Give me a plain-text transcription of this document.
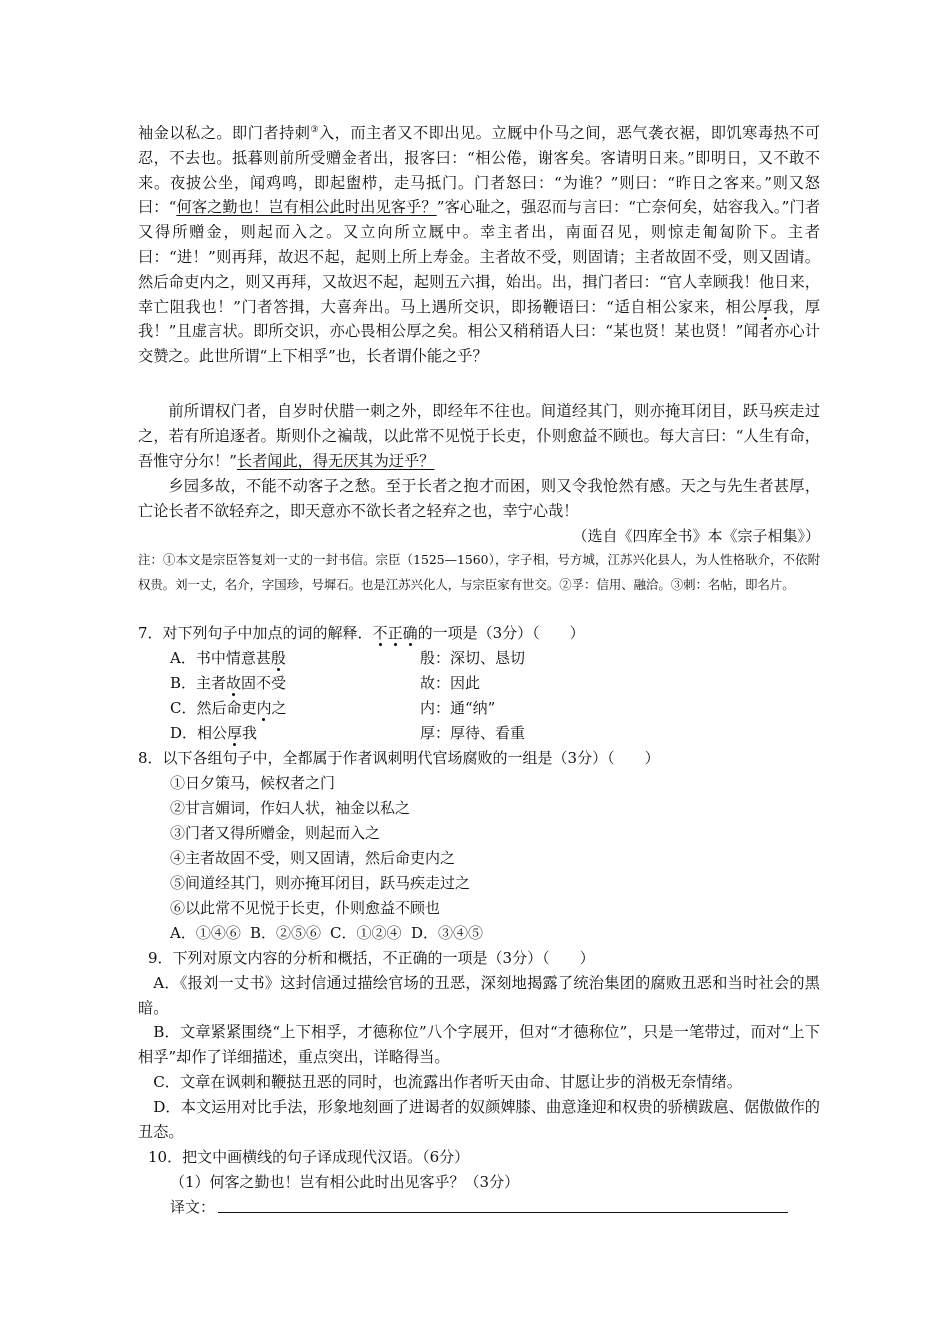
袖金以私之。即门者持刺③入，而主者又不即出见。立厩中仆马之间，恶气袭衣裾，即饥寒毒热不可忍，不去也。抵暮则前所受赠金者出，报客曰：“相公倦，谢客矣。客请明日来。”即明日，又不敢不来。夜披公坐，闻鸡鸣，即起盥栉，走马抵门。门者怒曰：“为谁？”则曰：“昨日之客来。”则又怒曰：“何客之勤也！岂有相公此时出见客乎？”客心耻之，强忍而与言曰：“亡奈何矣，姑容我入。”门者又得所赠金，则起而入之。又立向所立厩中。幸主者出，南面召见，则惊走匍匐阶下。主者曰：“进！”则再拜，故迟不起，起则上所上寿金。主者故不受，则固请；主者故固不受，则又固请。然后命吏内之，则又再拜，又故迟不起，起则五六揖，始出。出，揖门者曰：“官人幸顾我！他日来，幸亡阻我也！”门者答揖，大喜奔出。马上遇所交识，即扬鞭语曰：“适自相公家来，相公厚我，厚我！”且虚言状。即所交识，亦心畏相公厚之矣。相公又稍稍语人曰：“某也贤！某也贤！”闻者亦心计交赞之。此世所谓“上下相孚”也，长者谓仆能之乎？
前所谓权门者，自岁时伏腊一刺之外，即经年不往也。间道经其门，则亦掩耳闭目，跃马疾走过之，若有所追逐者。斯则仆之褊哉，以此常不见悦于长吏，仆则愈益不顾也。每大言曰：“人生有命，吾惟守分尔！”长者闻此，得无厌其为迂乎？
乡园多故，不能不动客子之愁。至于长者之抱才而困，则又令我怆然有感。天之与先生者甚厚，亡论长者不欲轻弃之，即天意亦不欲长者之轻弃之也，幸宁心哉！
（选自《四库全书》本《宗子相集》）
注：①本文是宗臣答复刘一丈的一封书信。宗臣（1525—1560），字子相，号方城，江苏兴化县人，为人性格耿介，不依附权贵。刘一丈，名介，字国珍，号墀石。也是江苏兴化人，与宗臣家有世交。②孚：信用、融洽。③刺：名帖，即名片。
7．对下列句子中加点的词的解释．不正确的一项是（3分）（　　）
A．书中情意甚殷	殷：深切、恳切
B．主者故固不受	故：因此
C．然后命吏内之	内：通“纳”
D．相公厚我	厚：厚待、看重
8．以下各组句子中，全都属于作者讽刺明代官场腐败的一组是（3分）（　　）
①日夕策马，候权者之门
②甘言媚词，作妇人状，袖金以私之
③门者又得所赠金，则起而入之
④主者故固不受，则又固请，然后命吏内之
⑤间道经其门，则亦掩耳闭目，跃马疾走过之
⑥以此常不见悦于长吏，仆则愈益不顾也
A．①④⑥ B．②⑤⑥ C．①②④ D．③④⑤
9．下列对原文内容的分析和概括，不正确的一项是（3分）（　　）
A．《报刘一丈书》这封信通过描绘官场的丑恶，深刻地揭露了统治集团的腐败丑恶和当时社会的黑暗。
B．文章紧紧围绕“上下相孚，才德称位”八个字展开，但对“才德称位”，只是一笔带过，而对“上下相孚”却作了详细描述，重点突出，详略得当。
C．文章在讽刺和鞭挞丑恶的同时，也流露出作者听天由命、甘愿让步的消极无奈情绪。
D．本文运用对比手法，形象地刻画了进谒者的奴颜婢膝、曲意逢迎和权贵的骄横跋扈、倨傲做作的丑态。
10．把文中画横线的句子译成现代汉语。（6分）
（1）何客之勤也！岂有相公此时出见客乎？（3分）
译文：
